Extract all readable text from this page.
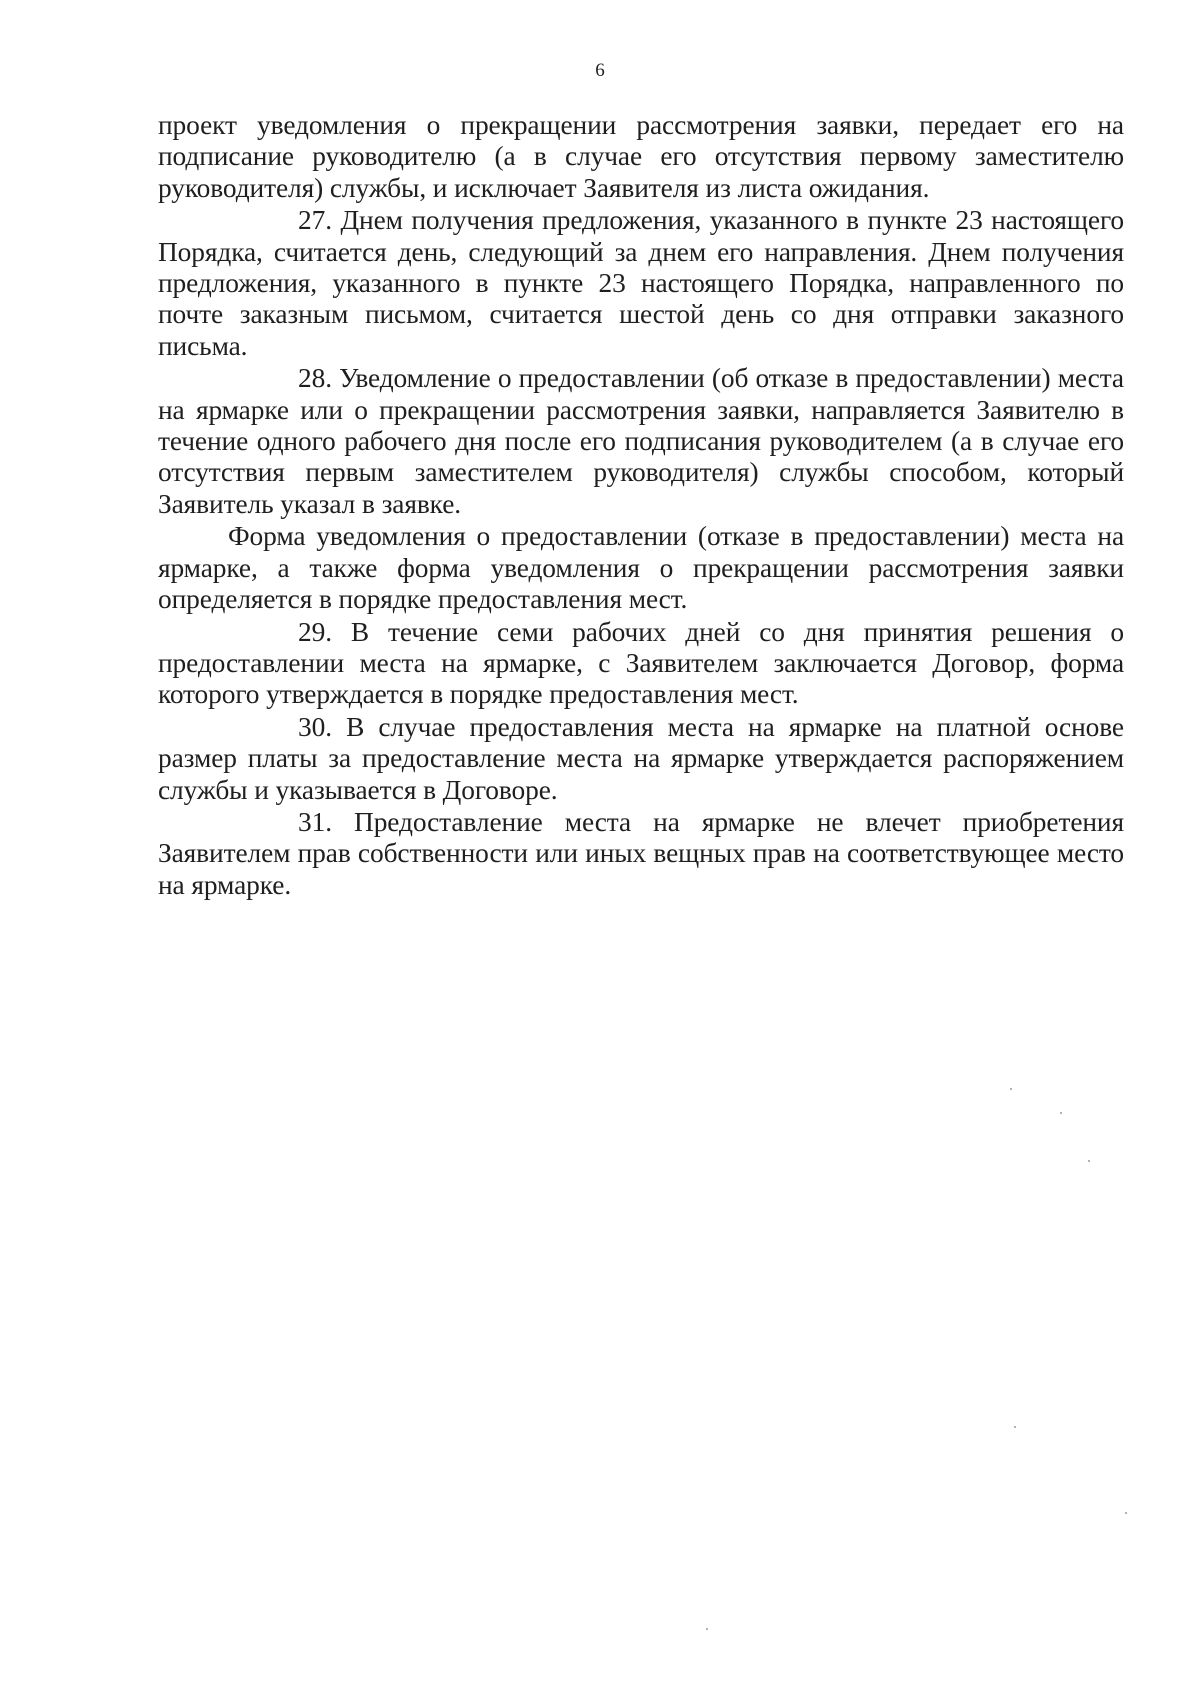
6

проект уведомления о прекращении рассмотрения заявки, передает его на подписание руководителю (а в случае его отсутствия первому заместителю руководителя) службы, и исключает Заявителя из листа ожидания.

27. Днем получения предложения, указанного в пункте 23 настоящего Порядка, считается день, следующий за днем его направления. Днем получения предложения, указанного в пункте 23 настоящего Порядка, направленного по почте заказным письмом, считается шестой день со дня отправки заказного письма.

28. Уведомление о предоставлении (об отказе в предоставлении) места на ярмарке или о прекращении рассмотрения заявки, направляется Заявителю в течение одного рабочего дня после его подписания руководителем (а в случае его отсутствия первым заместителем руководителя) службы способом, который Заявитель указал в заявке.

Форма уведомления о предоставлении (отказе в предоставлении) места на ярмарке, а также форма уведомления о прекращении рассмотрения заявки определяется в порядке предоставления мест.

29. В течение семи рабочих дней со дня принятия решения о предоставлении места на ярмарке, с Заявителем заключается Договор, форма которого утверждается в порядке предоставления мест.

30. В случае предоставления места на ярмарке на платной основе размер платы за предоставление места на ярмарке утверждается распоряжением службы и указывается в Договоре.

31. Предоставление места на ярмарке не влечет приобретения Заявителем прав собственности или иных вещных прав на соответствующее место на ярмарке.
